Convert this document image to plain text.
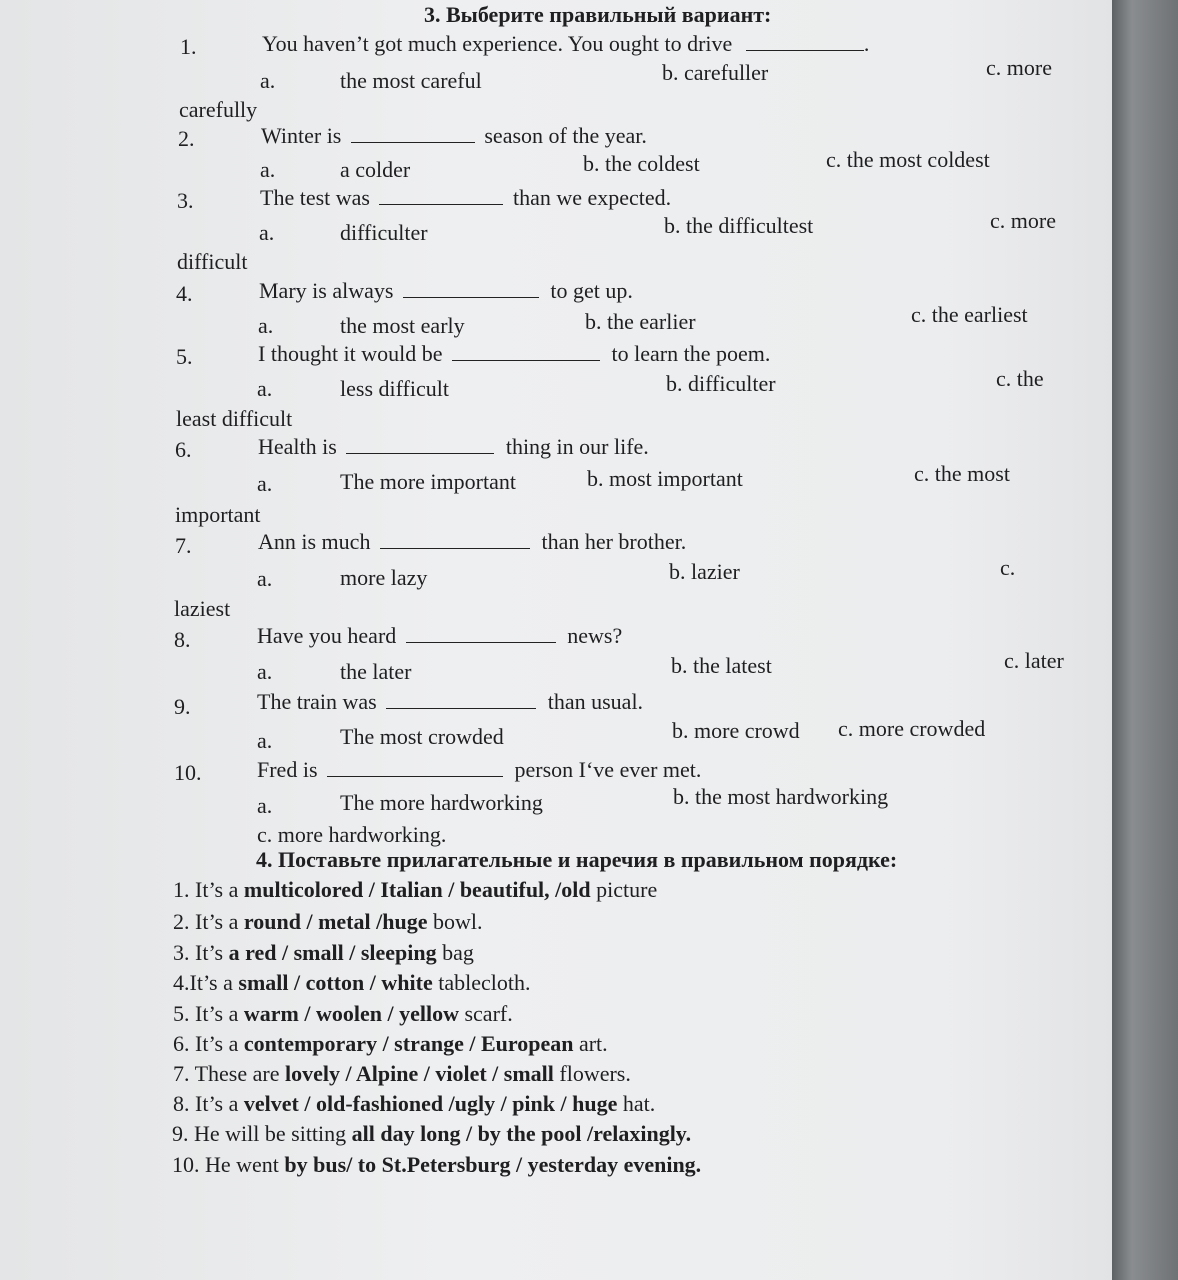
3. Выберите правильный вариант:
1.	You haven’t got much experience. You ought to drive	.
a.	the most careful	b. carefuller	c. more
carefully
2.	Winter is	season of the year.
a.	a colder	b. the coldest	c. the most coldest
3.	The test was	than we expected.
a.	difficulter	b. the difficultest	c. more
difficult
4.	Mary is always	to get up.
a.	the most early	b. the earlier	c. the earliest
5.	I thought it would be	to learn the poem.
a.	less difficult	b. difficulter	c. the
least difficult
6.	Health is	thing in our life.
a.	The more important	b. most important	c. the most
important
7.	Ann is much	than her brother.
a.	more lazy	b. lazier	c.
laziest
8.	Have you heard	news?
a.	the later	b. the latest	c. later
9.	The train was	than usual.
a.	The most crowded	b. more crowd c. more crowded
10.	Fred is	person I‘ve ever met.
a.	The more hardworking	b. the most hardworking
c. more hardworking.
4. Поставьте прилагательные и наречия в правильном порядке:
1. It’s a multicolored / Italian / beautiful, /old picture
2. It’s a round / metal /huge bowl.
3. It’s a red / small / sleeping bag
4.It’s a small / cotton / white tablecloth.
5. It’s a warm / woolen / yellow scarf.
6. It’s a contemporary / strange / European art.
7. These are lovely / Alpine / violet / small flowers.
8. It’s a velvet / old-fashioned /ugly / pink / huge hat.
9. He will be sitting all day long / by the pool /relaxingly.
10. He went by bus/ to St.Petersburg / yesterday evening.
